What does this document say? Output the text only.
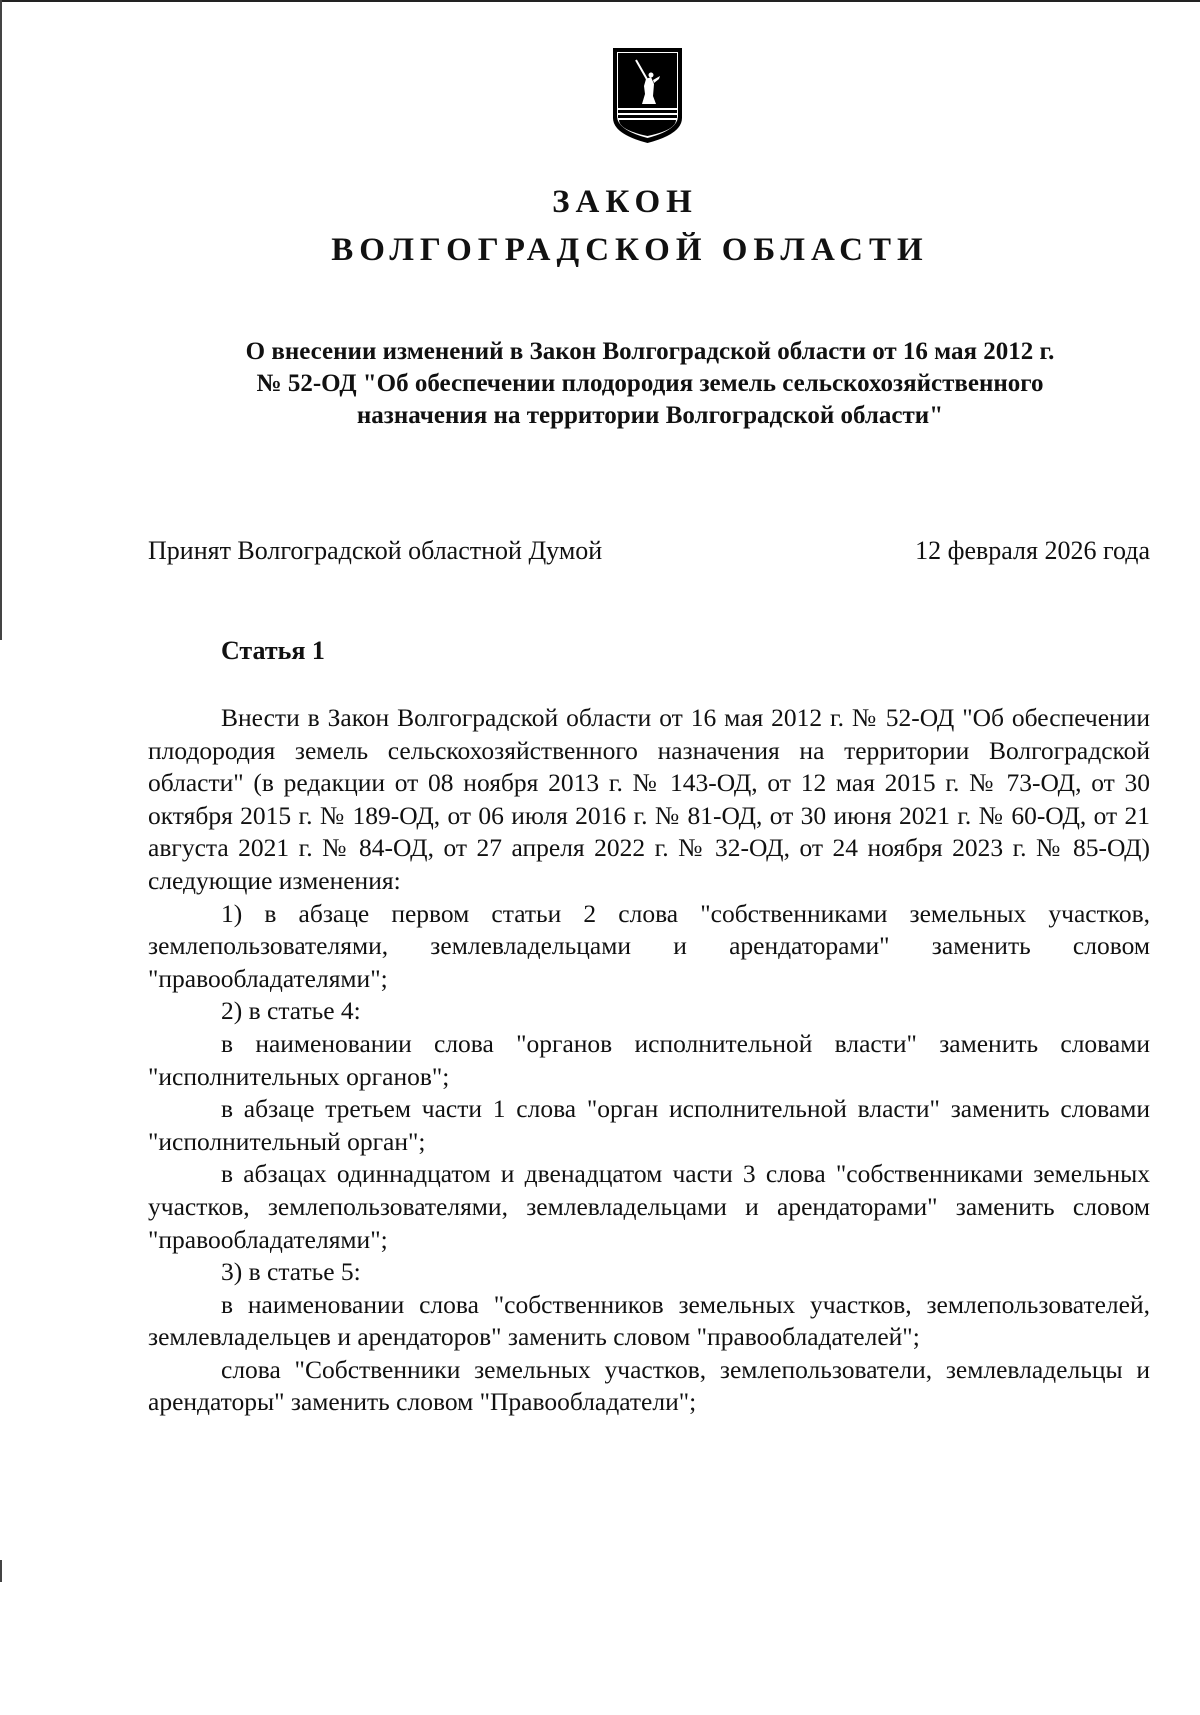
ЗАКОН
ВОЛГОГРАДСКОЙ ОБЛАСТИ
О внесении изменений в Закон Волгоградской области от 16 мая 2012 г.
№ 52-ОД "Об обеспечении плодородия земель сельскохозяйственного
назначения на территории Волгоградской области"
Принят Волгоградской областной Думой	12 февраля 2026 года
Статья 1

Внести в Закон Волгоградской области от 16 мая 2012 г. № 52-ОД "Об обеспечении плодородия земель сельскохозяйственного назначения на территории Волгоградской области" (в редакции от 08 ноября 2013 г. № 143-ОД, от 12 мая 2015 г. № 73-ОД, от 30 октября 2015 г. № 189-ОД, от 06 июля 2016 г. № 81-ОД, от 30 июня 2021 г. № 60-ОД, от 21 августа 2021 г. № 84-ОД, от 27 апреля 2022 г. № 32-ОД, от 24 ноября 2023 г. № 85-ОД) следующие изменения:

1) в абзаце первом статьи 2 слова "собственниками земельных участков, землепользователями, землевладельцами и арендаторами" заменить словом "правообладателями";

2) в статье 4:

в наименовании слова "органов исполнительной власти" заменить словами "исполнительных органов";

в абзаце третьем части 1 слова "орган исполнительной власти" заменить словами "исполнительный орган";

в абзацах одиннадцатом и двенадцатом части 3 слова "собственниками земельных участков, землепользователями, землевладельцами и арендаторами" заменить словом "правообладателями";

3) в статье 5:

в наименовании слова "собственников земельных участков, землепользователей, землевладельцев и арендаторов" заменить словом "правообладателей";

слова "Собственники земельных участков, землепользователи, землевладельцы и арендаторы" заменить словом "Правообладатели";
